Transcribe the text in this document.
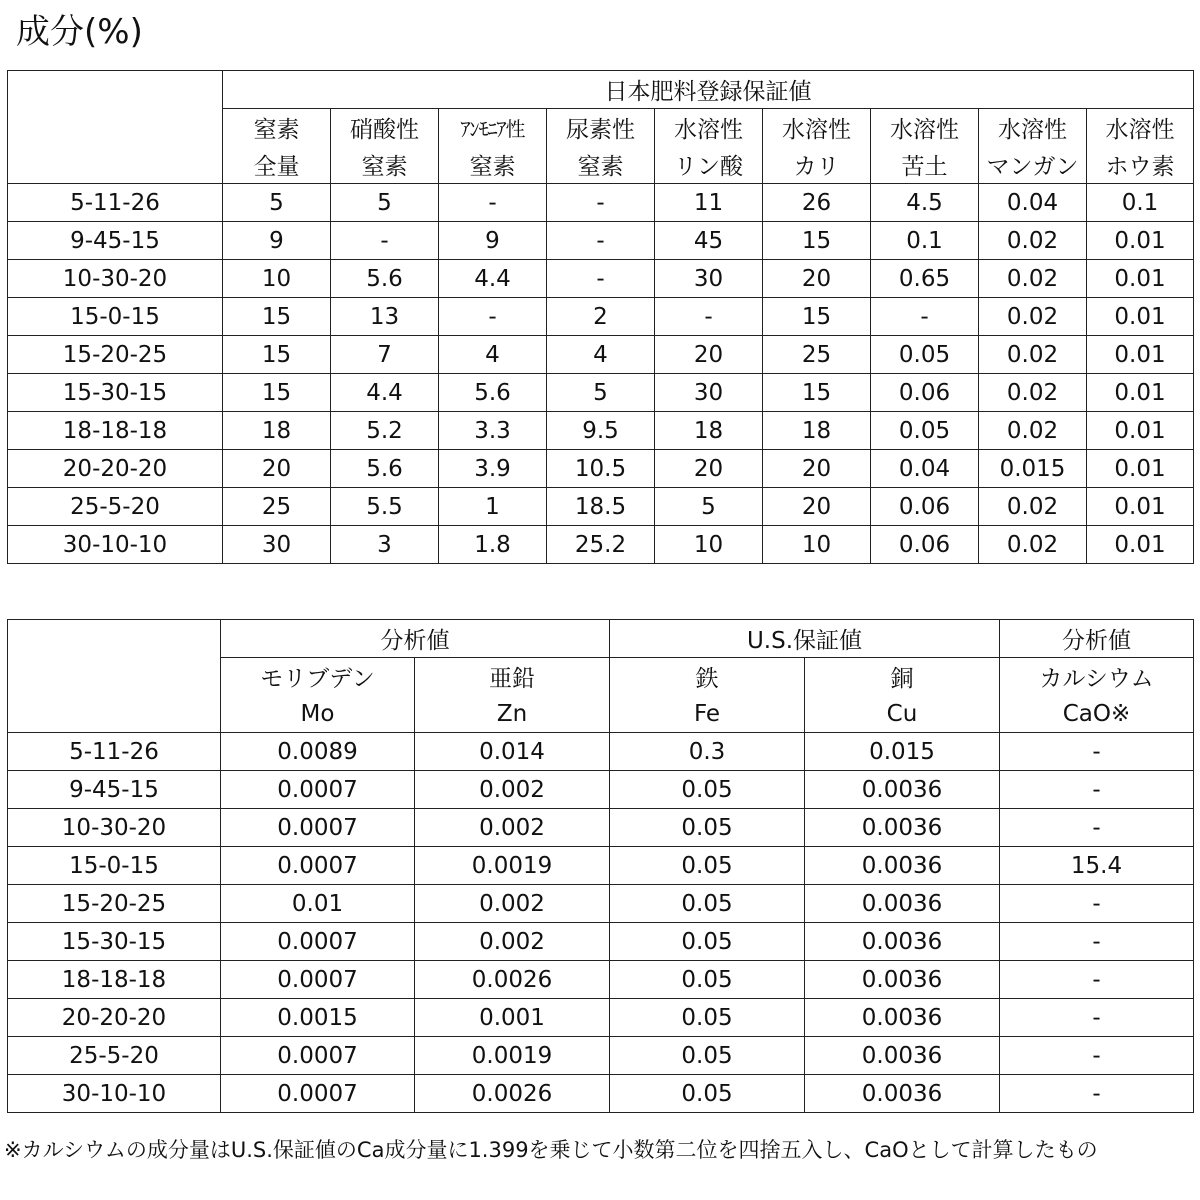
成分(%)
	日本肥料登録保証値								
	窒素	硝酸性	ｱﾝﾓﾆｱ性	尿素性	水溶性	水溶性	水溶性	水溶性	水溶性
	全量	窒素	窒素	窒素	リン酸	カリ	苦土	マンガン	ホウ素
5-11-26	5	5	-	-	11	26	4.5	0.04	0.1
9-45-15	9	-	9	-	45	15	0.1	0.02	0.01
10-30-20	10	5.6	4.4	-	30	20	0.65	0.02	0.01
15-0-15	15	13	-	2	-	15	-	0.02	0.01
15-20-25	15	7	4	4	20	25	0.05	0.02	0.01
15-30-15	15	4.4	5.6	5	30	15	0.06	0.02	0.01
18-18-18	18	5.2	3.3	9.5	18	18	0.05	0.02	0.01
20-20-20	20	5.6	3.9	10.5	20	20	0.04	0.015	0.01
25-5-20	25	5.5	1	18.5	5	20	0.06	0.02	0.01
30-10-10	30	3	1.8	25.2	10	10	0.06	0.02	0.01
	分析値		U.S.保証値		分析値
	モリブデン	亜鉛	鉄	銅	カルシウム
	Mo	Zn	Fe	Cu	CaO※
5-11-26	0.0089	0.014	0.3	0.015	-
9-45-15	0.0007	0.002	0.05	0.0036	-
10-30-20	0.0007	0.002	0.05	0.0036	-
15-0-15	0.0007	0.0019	0.05	0.0036	15.4
15-20-25	0.01	0.002	0.05	0.0036	-
15-30-15	0.0007	0.002	0.05	0.0036	-
18-18-18	0.0007	0.0026	0.05	0.0036	-
20-20-20	0.0015	0.001	0.05	0.0036	-
25-5-20	0.0007	0.0019	0.05	0.0036	-
30-10-10	0.0007	0.0026	0.05	0.0036	-
※カルシウムの成分量はU.S.保証値のCa成分量に1.399を乗じて小数第二位を四捨五入し、CaOとして計算したもの
